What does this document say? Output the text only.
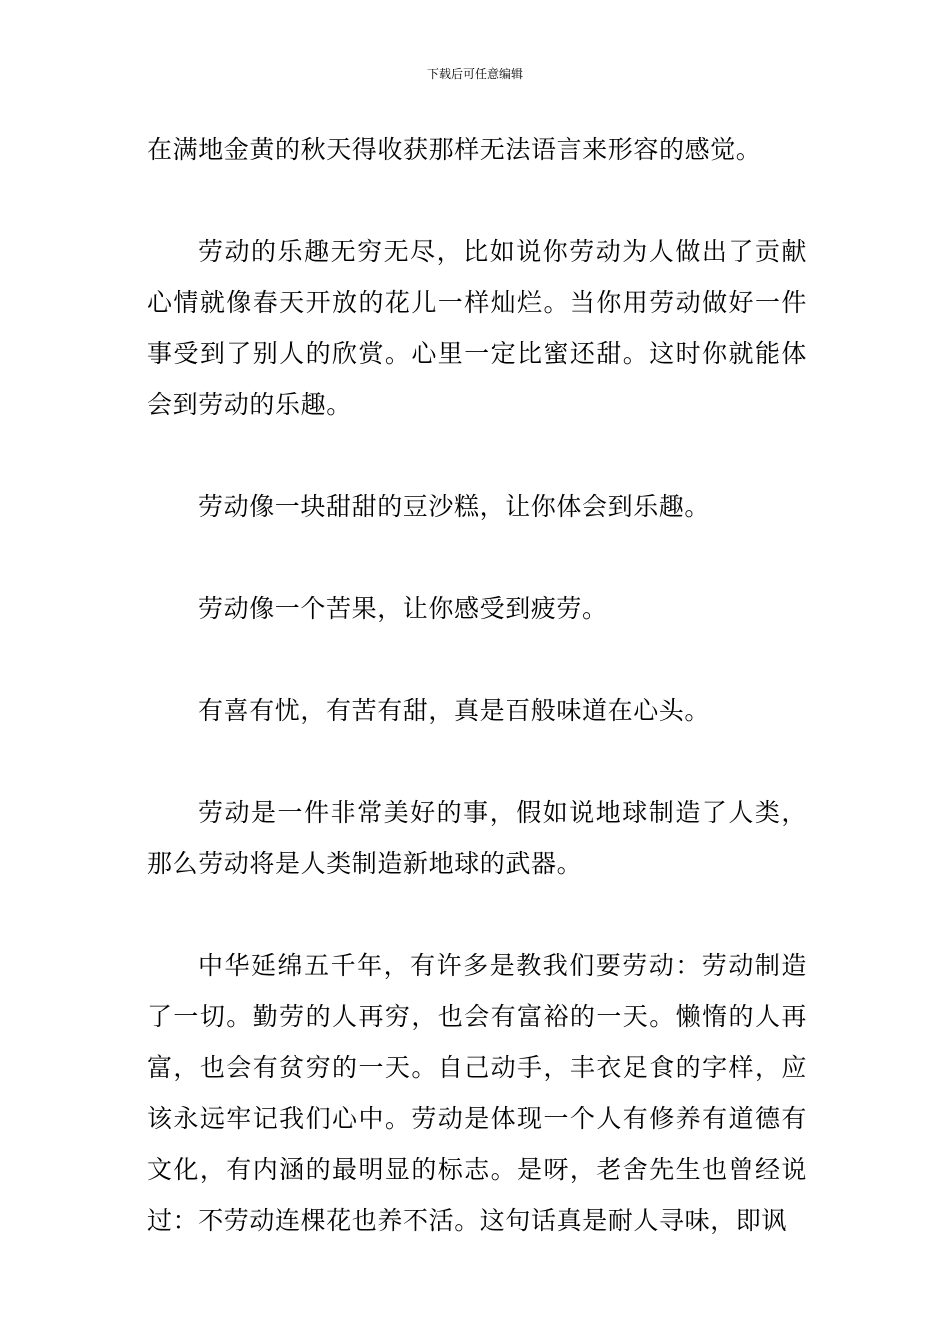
下载后可任意编辑

在满地金黄的秋天得收获那样无法语言来形容的感觉。

劳动的乐趣无穷无尽，比如说你劳动为人做出了贡献心情就像春天开放的花儿一样灿烂。当你用劳动做好一件事受到了别人的欣赏。心里一定比蜜还甜。这时你就能体会到劳动的乐趣。

劳动像一块甜甜的豆沙糕，让你体会到乐趣。

劳动像一个苦果，让你感受到疲劳。

有喜有忧，有苦有甜，真是百般味道在心头。

劳动是一件非常美好的事，假如说地球制造了人类，那么劳动将是人类制造新地球的武器。

中华延绵五千年，有许多是教我们要劳动：劳动制造了一切。勤劳的人再穷，也会有富裕的一天。懒惰的人再富，也会有贫穷的一天。自己动手，丰衣足食的字样，应该永远牢记我们心中。劳动是体现一个人有修养有道德有文化，有内涵的最明显的标志。是呀，老舍先生也曾经说过：不劳动连棵花也养不活。这句话真是耐人寻味，即讽
